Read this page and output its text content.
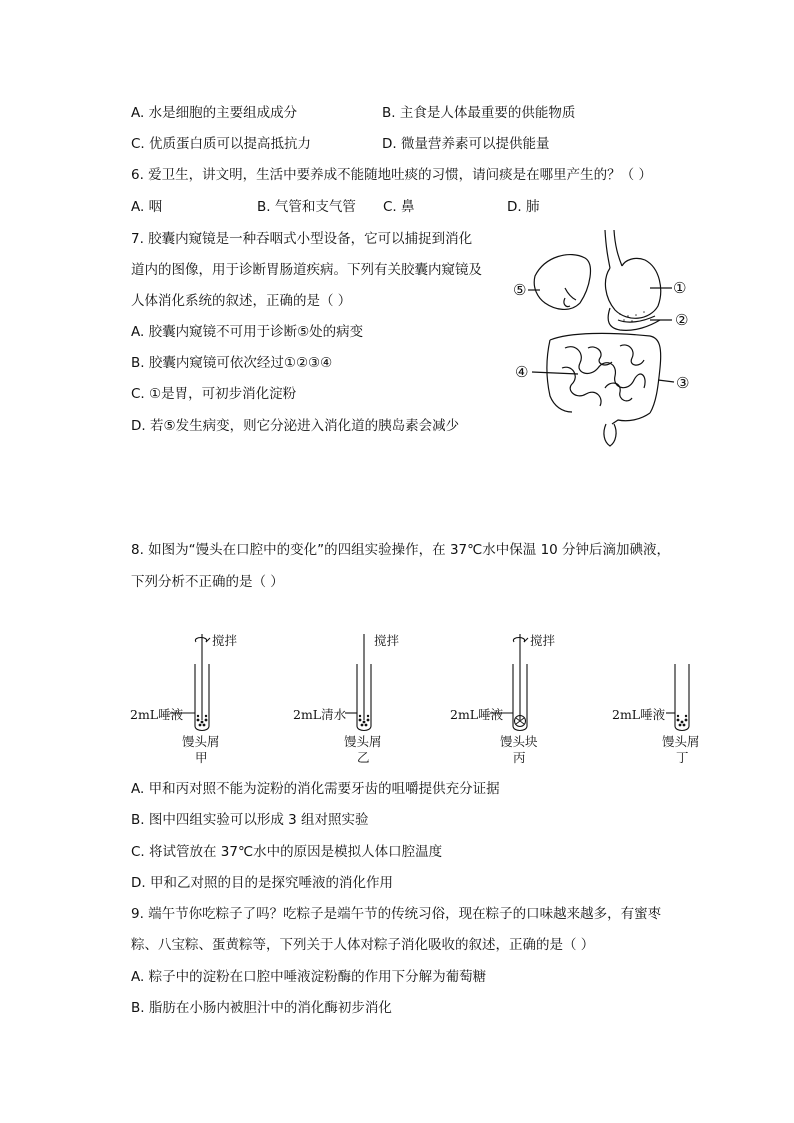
A. 水是细胞的主要组成成分	B. 主食是人体最重要的供能物质
C. 优质蛋白质可以提高抵抗力	D. 微量营养素可以提供能量
6. 爱卫生，讲文明，生活中要养成不能随地吐痰的习惯，请问痰是在哪里产生的？（ ）
A. 咽	B. 气管和支气管 C. 鼻	D. 肺
7. 胶囊内窥镜是一种吞咽式小型设备，它可以捕捉到消化
道内的图像，用于诊断胃肠道疾病。下列有关胶囊内窥镜及
人体消化系统的叙述，正确的是（ ）
A. 胶囊内窥镜不可用于诊断⑤处的病变
B. 胶囊内窥镜可依次经过①②③④
C. ①是胃，可初步消化淀粉
D. 若⑤发生病变，则它分泌进入消化道的胰岛素会减少
⑤	①
②
③
④
8. 如图为“馒头在口腔中的变化”的四组实验操作，在 37℃水中保温 10 分钟后滴加碘液，
下列分析不正确的是（ ）
搅拌
2mL唾液
馒头屑
甲
搅拌
2mL清水
馒头屑
乙
搅拌
2mL唾液
馒头块
丙
2mL唾液
馒头屑
丁
A. 甲和丙对照不能为淀粉的消化需要牙齿的咀嚼提供充分证据
B. 图中四组实验可以形成 3 组对照实验
C. 将试管放在 37℃水中的原因是模拟人体口腔温度
D. 甲和乙对照的目的是探究唾液的消化作用
9. 端午节你吃粽子了吗？吃粽子是端午节的传统习俗，现在粽子的口味越来越多，有蜜枣
粽、八宝粽、蛋黄粽等，下列关于人体对粽子消化吸收的叙述，正确的是（ ）
A. 粽子中的淀粉在口腔中唾液淀粉酶的作用下分解为葡萄糖
B. 脂肪在小肠内被胆汁中的消化酶初步消化
